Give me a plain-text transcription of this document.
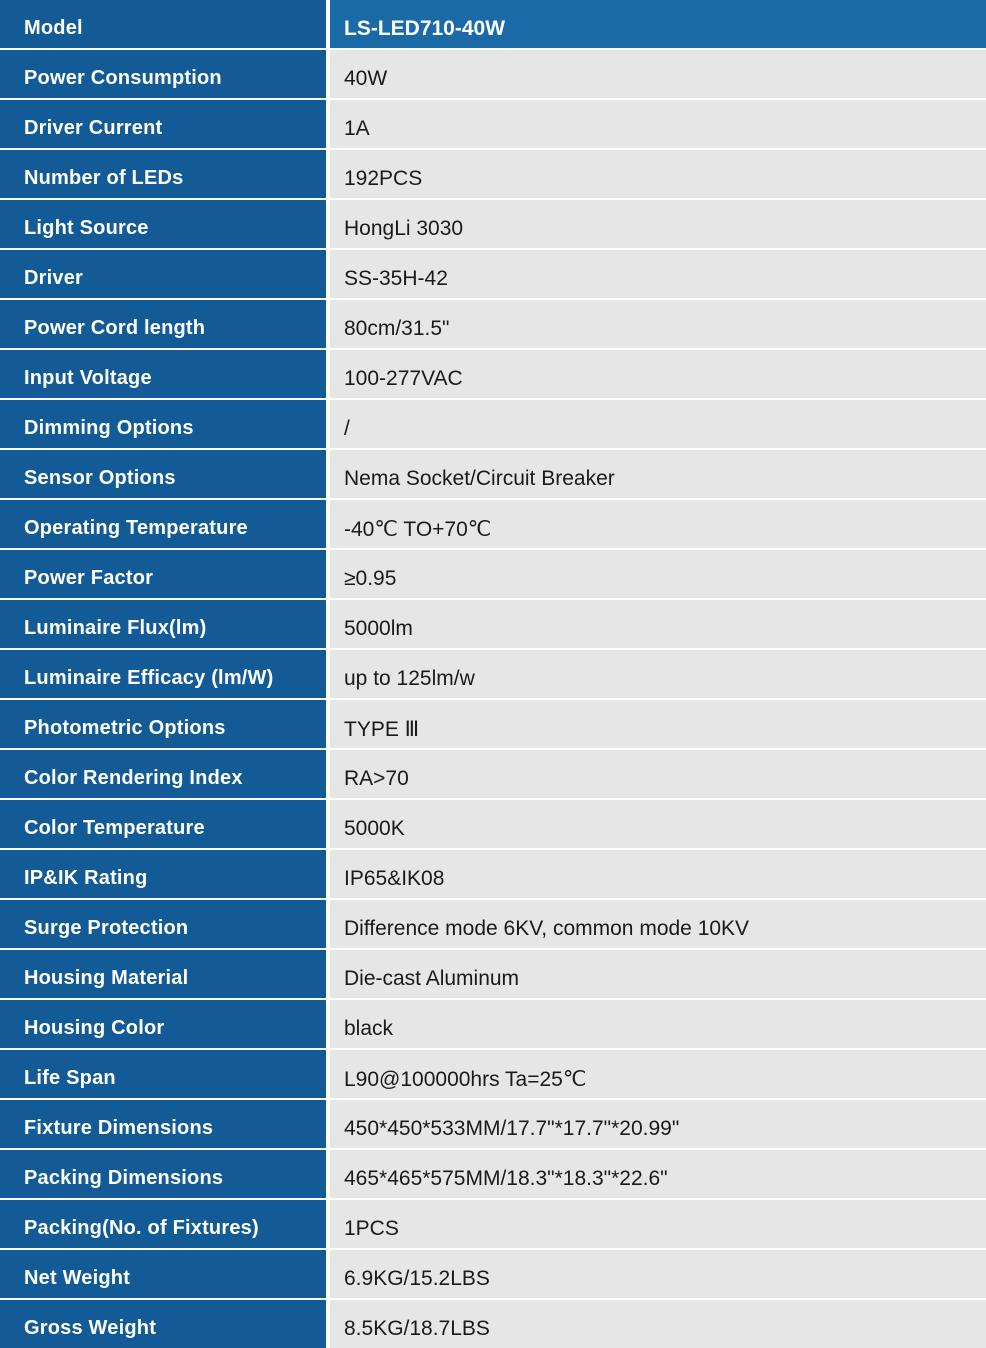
Model	LS-LED710-40W
Power Consumption	40W
Driver Current	1A
Number of LEDs	192PCS
Light Source	HongLi 3030
Driver	SS-35H-42
Power Cord length	80cm/31.5"
Input Voltage	100-277VAC
Dimming Options	/
Sensor Options	Nema Socket/Circuit Breaker
Operating Temperature	-40℃ TO+70℃
Power Factor	≥0.95
Luminaire Flux(lm)	5000lm
Luminaire Efficacy (lm/W)	up to 125lm/w
Photometric Options	TYPE Ⅲ
Color Rendering Index	RA>70
Color Temperature	5000K
IP&IK Rating	IP65&IK08
Surge Protection	Difference mode 6KV, common mode 10KV
Housing Material	Die-cast Aluminum
Housing Color	black
Life Span	L90@100000hrs Ta=25℃
Fixture Dimensions	450*450*533MM/17.7"*17.7"*20.99"
Packing Dimensions	465*465*575MM/18.3"*18.3"*22.6"
Packing(No. of Fixtures)	1PCS
Net Weight	6.9KG/15.2LBS
Gross Weight	8.5KG/18.7LBS
